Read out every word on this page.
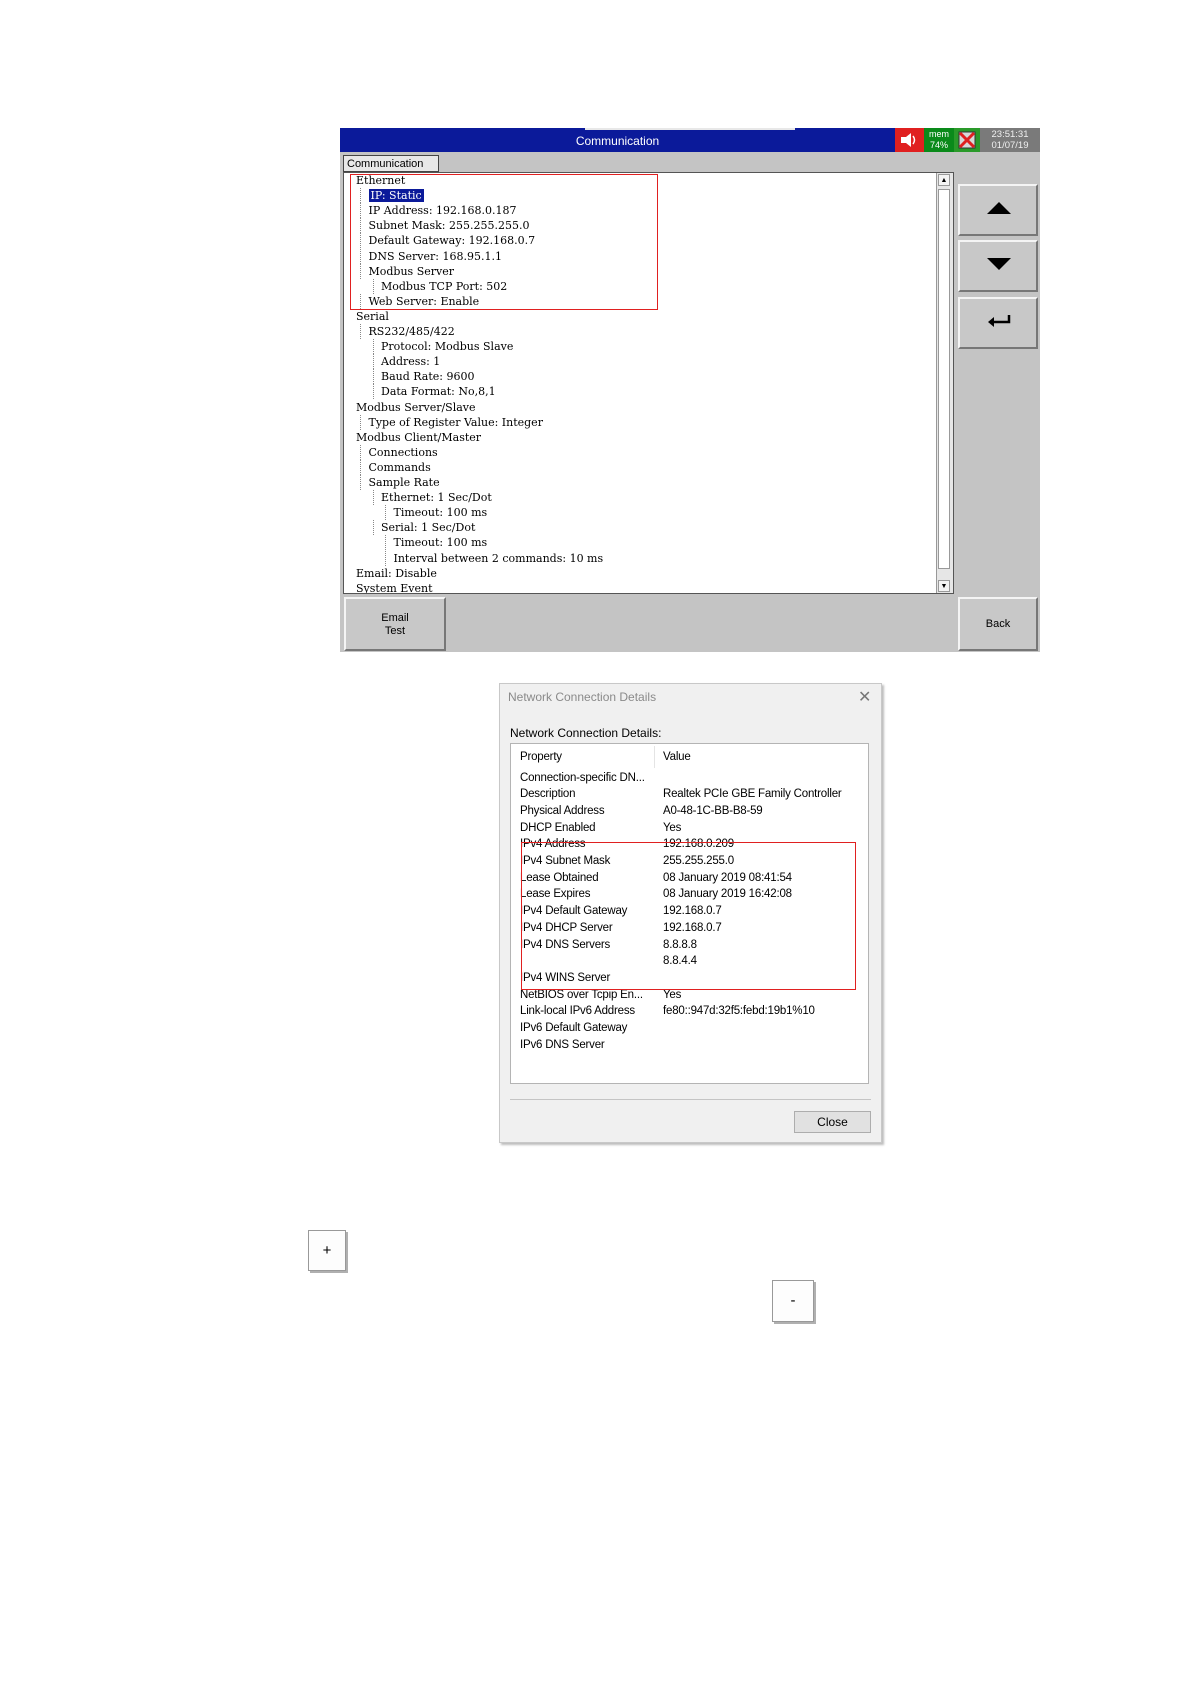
Communication	mem
74%
23:51:31
01/07/19
Communication
Ethernet
IP: Static
IP Address: 192.168.0.187
Subnet Mask: 255.255.255.0
Default Gateway: 192.168.0.7
DNS Server: 168.95.1.1
Modbus Server
Modbus TCP Port: 502
Web Server: Enable
Serial
RS232/485/422
Protocol: Modbus Slave
Address: 1
Baud Rate: 9600
Data Format: No,8,1
Modbus Server/Slave
Type of Register Value: Integer
Modbus Client/Master
Connections
Commands
Sample Rate
Ethernet: 1 Sec/Dot
Timeout: 100 ms
Serial: 1 Sec/Dot
Timeout: 100 ms
Interval between 2 commands: 10 ms
Email: Disable
System Event
▲
▼
Email
Test
Back
Network Connection Details	✕
Network Connection Details:
Property	Value
Connection-specific DN...
Description	Realtek PCIe GBE Family Controller
Physical Address	A0-48-1C-BB-B8-59
DHCP Enabled	Yes
IPv4 Address	192.168.0.209
IPv4 Subnet Mask	255.255.255.0
Lease Obtained	08 January 2019 08:41:54
Lease Expires	08 January 2019 16:42:08
IPv4 Default Gateway	192.168.0.7
IPv4 DHCP Server	192.168.0.7
IPv4 DNS Servers	8.8.8.8
8.8.4.4
IPv4 WINS Server
NetBIOS over Tcpip En... Yes
Link-local IPv6 Address fe80::947d:32f5:febd:19b1%10
IPv6 Default Gateway
IPv6 DNS Server
Close
+
-
